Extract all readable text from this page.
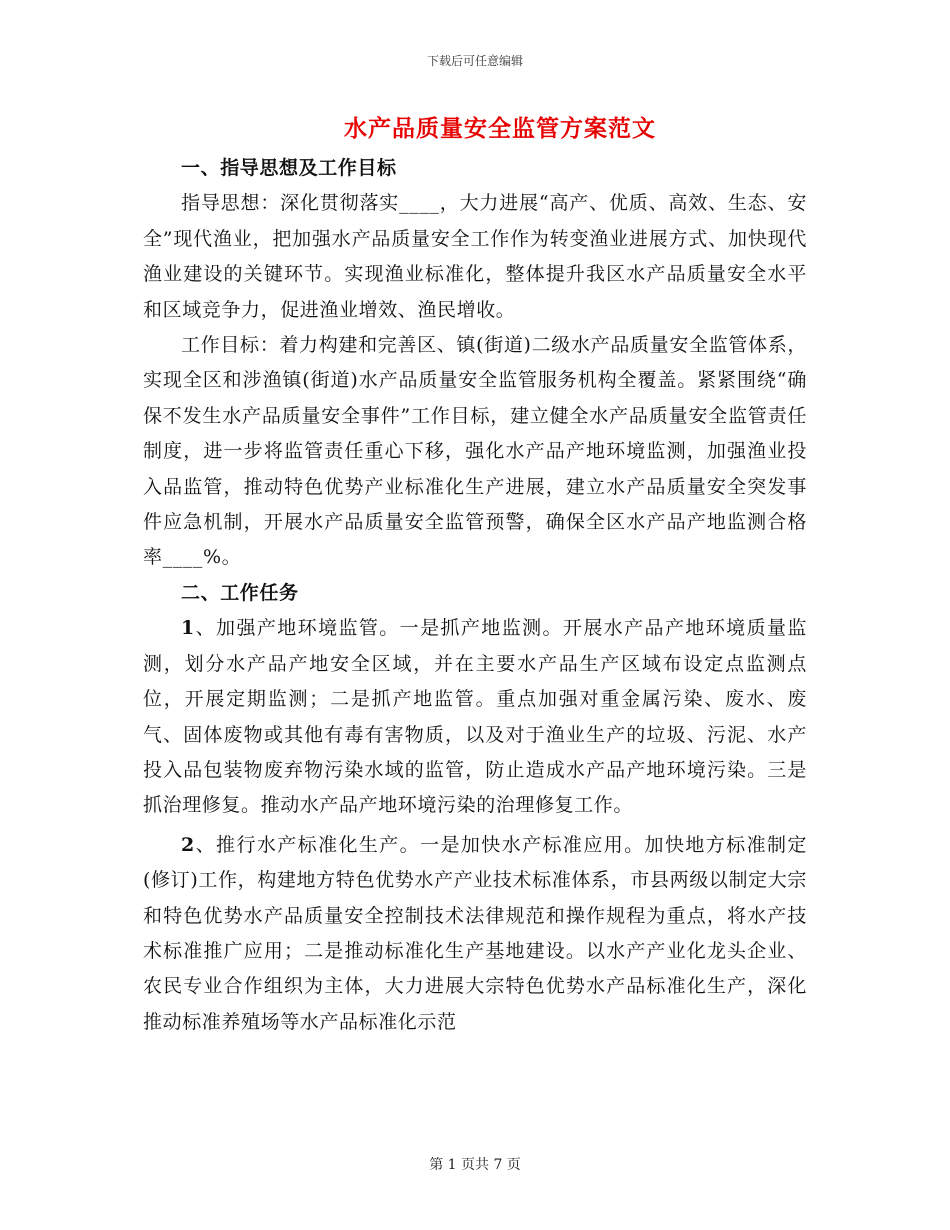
下载后可任意编辑
水产品质量安全监管方案范文
一、指导思想及工作目标

指导思想：深化贯彻落实____，大力进展“高产、优质、高效、生态、安全”现代渔业，把加强水产品质量安全工作作为转变渔业进展方式、加快现代渔业建设的关键环节。实现渔业标准化，整体提升我区水产品质量安全水平和区域竞争力，促进渔业增效、渔民增收。

工作目标：着力构建和完善区、镇(街道)二级水产品质量安全监管体系，实现全区和涉渔镇(街道)水产品质量安全监管服务机构全覆盖。紧紧围绕“确保不发生水产品质量安全事件”工作目标，建立健全水产品质量安全监管责任制度，进一步将监管责任重心下移，强化水产品产地环境监测，加强渔业投入品监管，推动特色优势产业标准化生产进展，建立水产品质量安全突发事件应急机制，开展水产品质量安全监管预警，确保全区水产品产地监测合格率____%。

二、工作任务

1、加强产地环境监管。一是抓产地监测。开展水产品产地环境质量监测，划分水产品产地安全区域，并在主要水产品生产区域布设定点监测点位，开展定期监测；二是抓产地监管。重点加强对重金属污染、废水、废气、固体废物或其他有毒有害物质，以及对于渔业生产的垃圾、污泥、水产投入品包装物废弃物污染水域的监管，防止造成水产品产地环境污染。三是抓治理修复。推动水产品产地环境污染的治理修复工作。

2、推行水产标准化生产。一是加快水产标准应用。加快地方标准制定(修订)工作，构建地方特色优势水产产业技术标准体系，市县两级以制定大宗和特色优势水产品质量安全控制技术法律规范和操作规程为重点，将水产技术标准推广应用；二是推动标准化生产基地建设。以水产产业化龙头企业、农民专业合作组织为主体，大力进展大宗特色优势水产品标准化生产，深化推动标准养殖场等水产品标准化示范

第 1 页共 7 页
